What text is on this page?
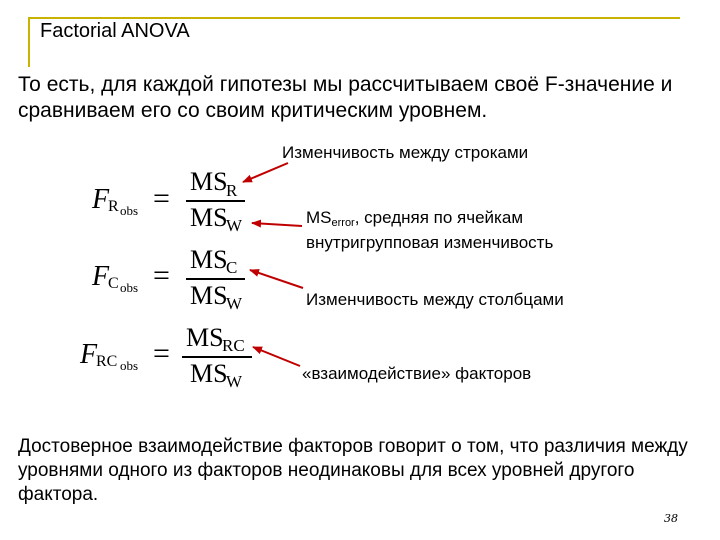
Factorial ANOVA
То есть, для каждой гипотезы мы рассчитываем своё F-значение и сравниваем его со своим критическим уровнем.
F
R obs =
MS
R
MS
W
F
C obs = MS
C
MS
W
F
RC obs = MS
RC
MS
W
Изменчивость между строками
MSerror, средняя по ячейкам
внутригрупповая изменчивость
Изменчивость между столбцами
«взаимодействие» факторов
Достоверное взаимодействие факторов говорит о том, что различия между уровнями одного из факторов неодинаковы для всех уровней другого фактора.
38
